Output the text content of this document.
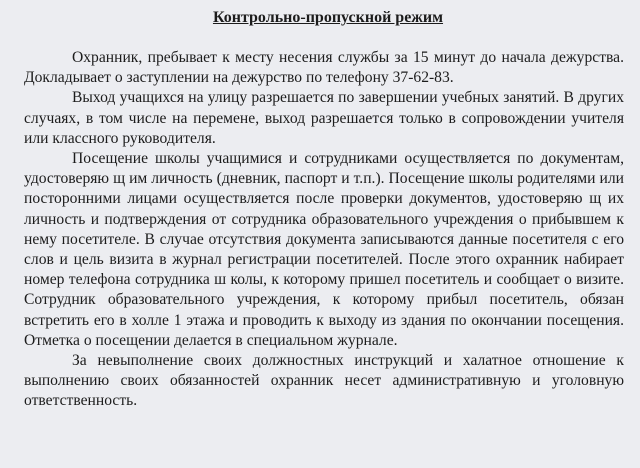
Контрольно-пропускной режим

Охранник, пребывает к месту несения службы за 15 минут до начала дежурства. Докладывает о заступлении на дежурство по телефону 37-62-83.

Выход учащихся на улицу разрешается по завершении учебных занятий. В других случаях, в том числе на перемене, выход разрешается только в сопровождении учителя или классного руководителя.

Посещение школы учащимися и сотрудниками осуществляется по документам, удостоверяю щ им личность (дневник, паспорт и т.п.). Посещение школы родителями или посторонними лицами осуществляется после проверки документов, удостоверяю щ их личность и подтверждения от сотрудника образовательного учреждения о прибывшем к нему посетителе. В случае отсутствия документа записываются данные посетителя с его слов и цель визита в журнал регистрации посетителей. После этого охранник набирает номер телефона сотрудника ш колы, к которому пришел посетитель и сообщает о визите. Сотрудник образовательного учреждения, к которому прибыл посетитель, обязан встретить его в холле 1 этажа и проводить к выходу из здания по окончании посещения. Отметка о посещении делается в специальном журнале.

За невыполнение своих должностных инструкций и халатное отношение к выполнению своих обязанностей охранник несет административную и уголовную ответственность.
